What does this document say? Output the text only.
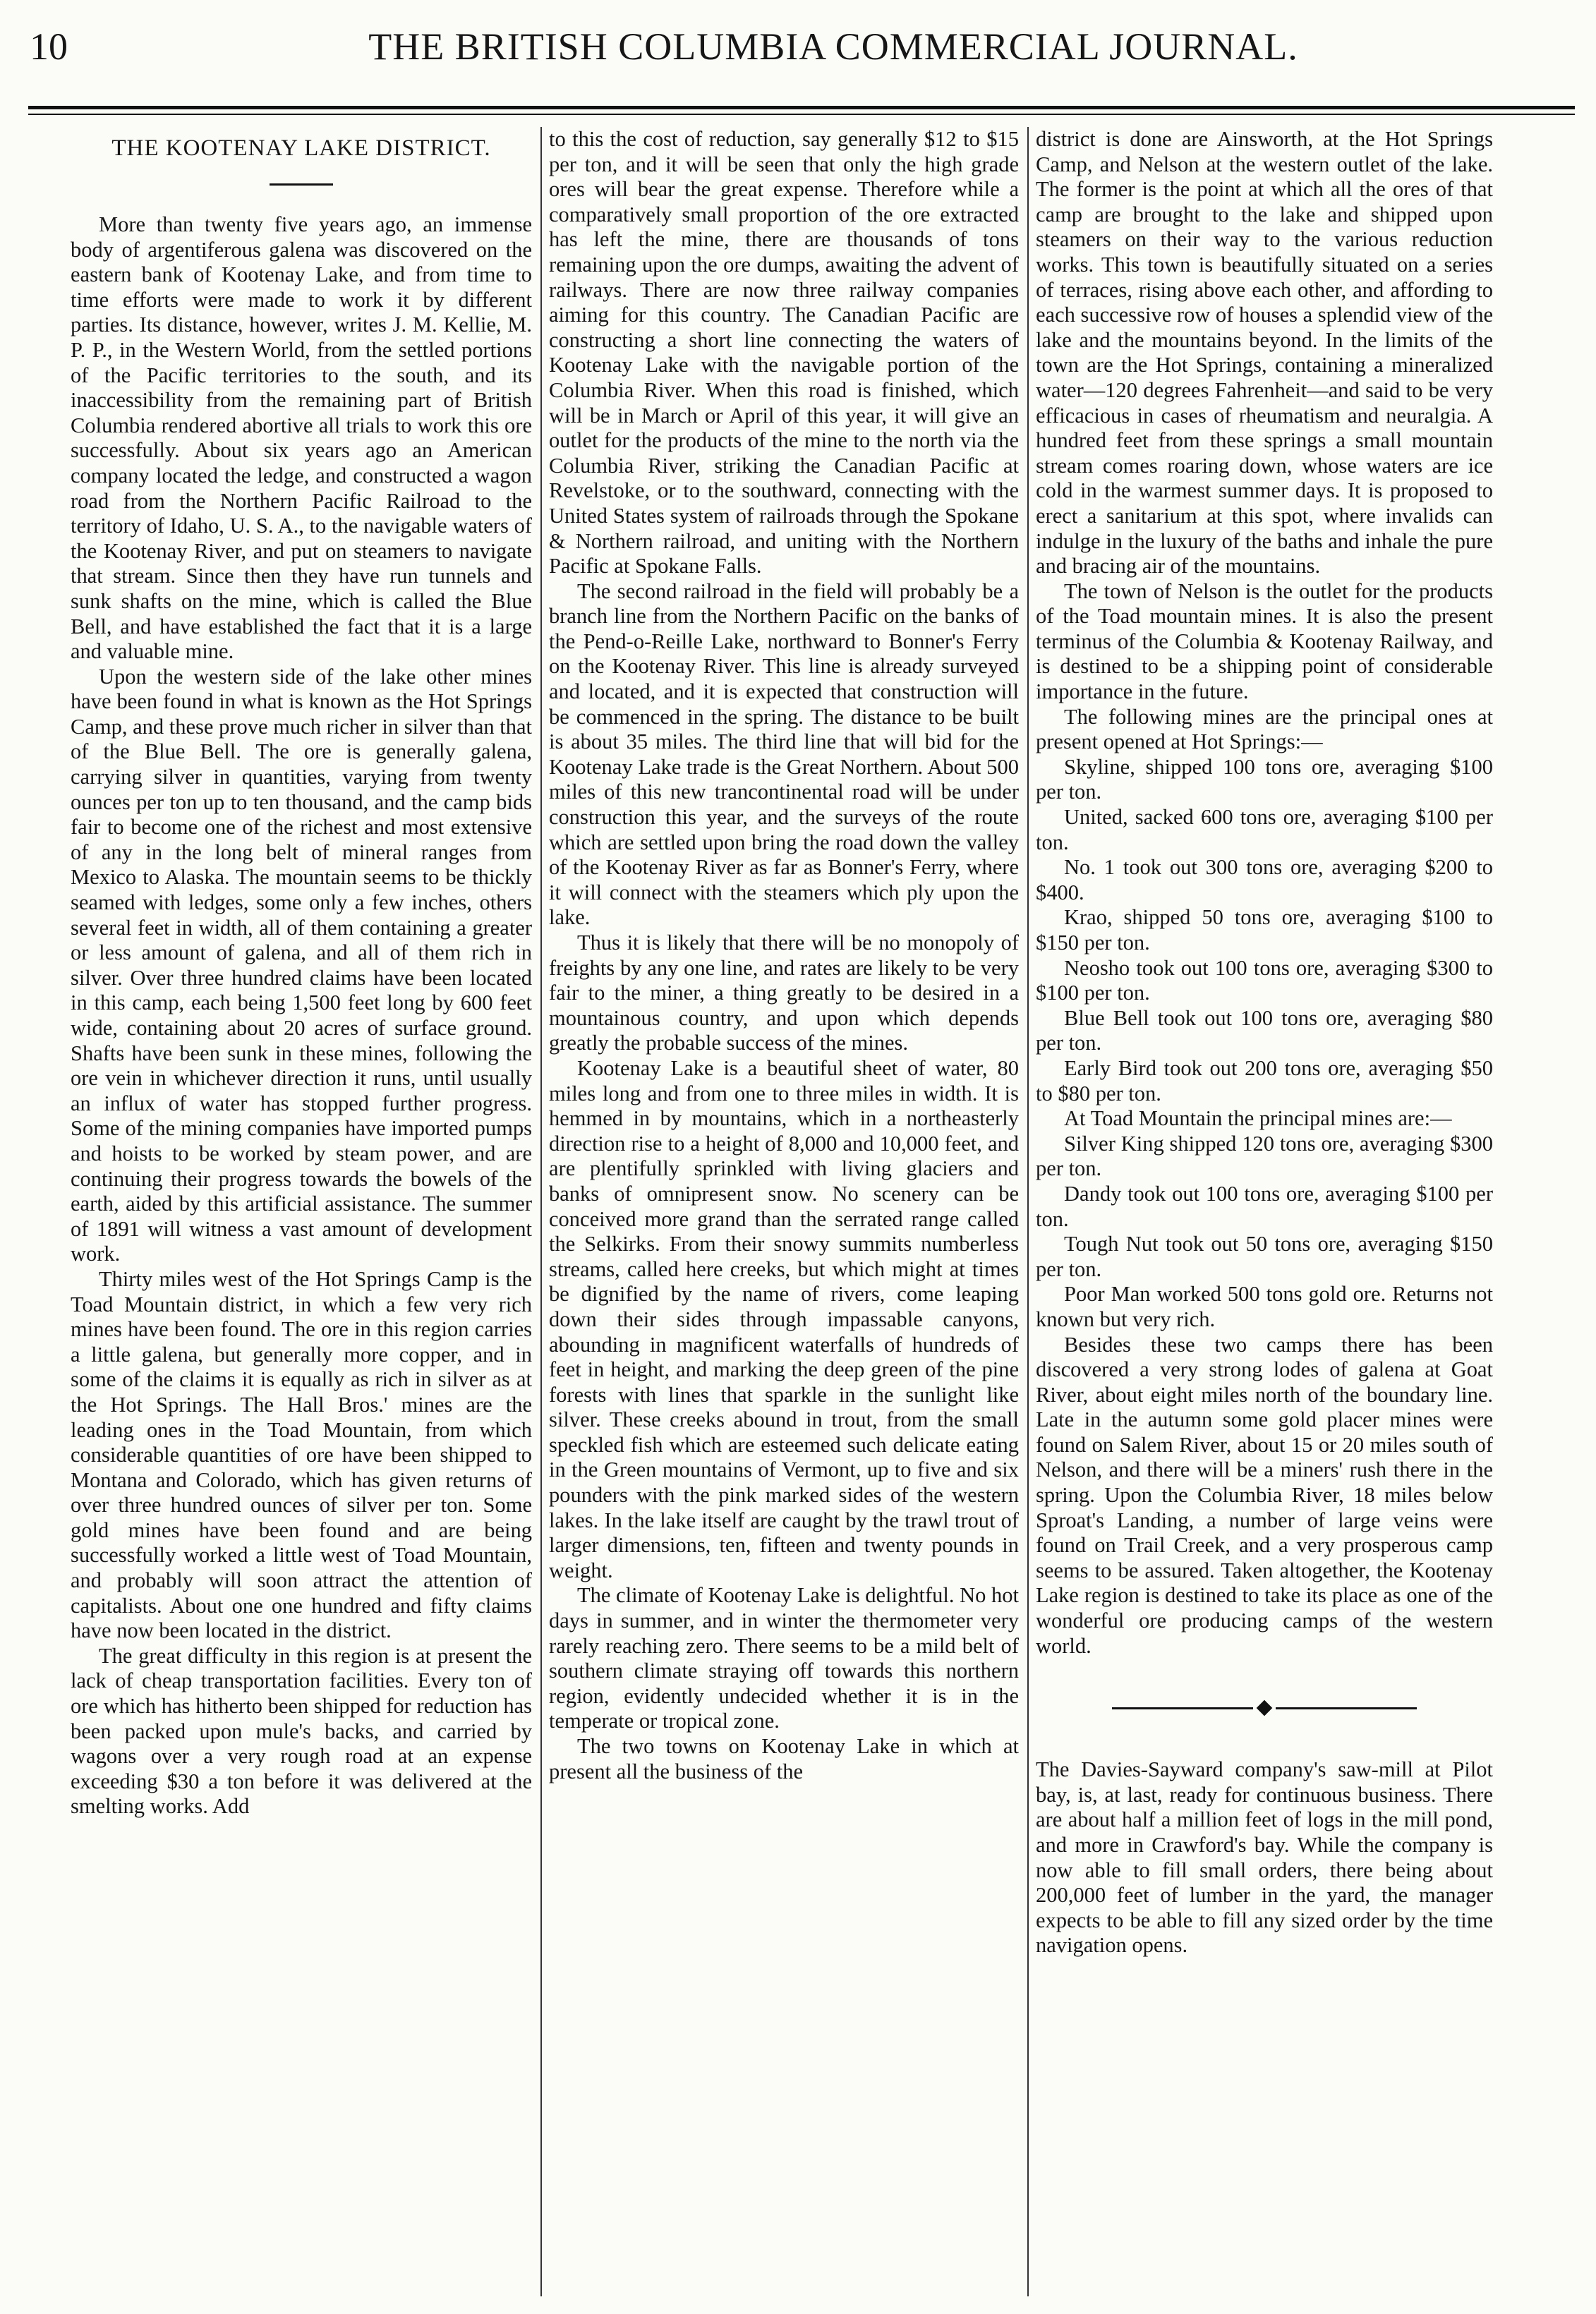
10	THE BRITISH COLUMBIA COMMERCIAL JOURNAL.
THE KOOTENAY LAKE DISTRICT.

More than twenty five years ago, an immense body of argentiferous galena was discovered on the eastern bank of Kootenay Lake, and from time to time efforts were made to work it by different parties. Its distance, however, writes J. M. Kellie, M. P. P., in the Western World, from the settled portions of the Pacific territories to the south, and its inaccessibility from the remaining part of British Columbia rendered abortive all trials to work this ore successfully. About six years ago an American company located the ledge, and constructed a wagon road from the Northern Pacific Railroad to the territory of Idaho, U. S. A., to the navigable waters of the Kootenay River, and put on steamers to navigate that stream. Since then they have run tunnels and sunk shafts on the mine, which is called the Blue Bell, and have established the fact that it is a large and valuable mine.

Upon the western side of the lake other mines have been found in what is known as the Hot Springs Camp, and these prove much richer in silver than that of the Blue Bell. The ore is generally galena, carrying silver in quantities, varying from twenty ounces per ton up to ten thousand, and the camp bids fair to become one of the richest and most extensive of any in the long belt of mineral ranges from Mexico to Alaska. The mountain seems to be thickly seamed with ledges, some only a few inches, others several feet in width, all of them containing a greater or less amount of galena, and all of them rich in silver. Over three hundred claims have been located in this camp, each being 1,500 feet long by 600 feet wide, containing about 20 acres of surface ground. Shafts have been sunk in these mines, following the ore vein in whichever direction it runs, until usually an influx of water has stopped further progress. Some of the mining companies have imported pumps and hoists to be worked by steam power, and are continuing their progress towards the bowels of the earth, aided by this artificial assistance. The summer of 1891 will witness a vast amount of development work.

Thirty miles west of the Hot Springs Camp is the Toad Mountain district, in which a few very rich mines have been found. The ore in this region carries a little galena, but generally more copper, and in some of the claims it is equally as rich in silver as at the Hot Springs. The Hall Bros.' mines are the leading ones in the Toad Mountain, from which considerable quantities of ore have been shipped to Montana and Colorado, which has given returns of over three hundred ounces of silver per ton. Some gold mines have been found and are being successfully worked a little west of Toad Mountain, and probably will soon attract the attention of capitalists. About one one hundred and fifty claims have now been located in the district.

The great difficulty in this region is at present the lack of cheap transportation facilities. Every ton of ore which has hitherto been shipped for reduction has been packed upon mule's backs, and carried by wagons over a very rough road at an expense exceeding $30 a ton before it was delivered at the smelting works. Add

to this the cost of reduction, say generally $12 to $15 per ton, and it will be seen that only the high grade ores will bear the great expense. Therefore while a comparatively small proportion of the ore extracted has left the mine, there are thousands of tons remaining upon the ore dumps, awaiting the advent of railways. There are now three railway companies aiming for this country. The Canadian Pacific are constructing a short line connecting the waters of Kootenay Lake with the navigable portion of the Columbia River. When this road is finished, which will be in March or April of this year, it will give an outlet for the products of the mine to the north via the Columbia River, striking the Canadian Pacific at Revelstoke, or to the southward, connecting with the United States system of railroads through the Spokane & Northern railroad, and uniting with the Northern Pacific at Spokane Falls.

The second railroad in the field will probably be a branch line from the Northern Pacific on the banks of the Pend-o-Reille Lake, northward to Bonner's Ferry on the Kootenay River. This line is already surveyed and located, and it is expected that construction will be commenced in the spring. The distance to be built is about 35 miles. The third line that will bid for the Kootenay Lake trade is the Great Northern. About 500 miles of this new trancontinental road will be under construction this year, and the surveys of the route which are settled upon bring the road down the valley of the Kootenay River as far as Bonner's Ferry, where it will connect with the steamers which ply upon the lake.

Thus it is likely that there will be no monopoly of freights by any one line, and rates are likely to be very fair to the miner, a thing greatly to be desired in a mountainous country, and upon which depends greatly the probable success of the mines.

Kootenay Lake is a beautiful sheet of water, 80 miles long and from one to three miles in width. It is hemmed in by mountains, which in a northeasterly direction rise to a height of 8,000 and 10,000 feet, and are plentifully sprinkled with living glaciers and banks of omnipresent snow. No scenery can be conceived more grand than the serrated range called the Selkirks. From their snowy summits numberless streams, called here creeks, but which might at times be dignified by the name of rivers, come leaping down their sides through impassable canyons, abounding in magnificent waterfalls of hundreds of feet in height, and marking the deep green of the pine forests with lines that sparkle in the sunlight like silver. These creeks abound in trout, from the small speckled fish which are esteemed such delicate eating in the Green mountains of Vermont, up to five and six pounders with the pink marked sides of the western lakes. In the lake itself are caught by the trawl trout of larger dimensions, ten, fifteen and twenty pounds in weight.

The climate of Kootenay Lake is delightful. No hot days in summer, and in winter the thermometer very rarely reaching zero. There seems to be a mild belt of southern climate straying off towards this northern region, evidently undecided whether it is in the temperate or tropical zone.

The two towns on Kootenay Lake in which at present all the business of the

district is done are Ainsworth, at the Hot Springs Camp, and Nelson at the western outlet of the lake. The former is the point at which all the ores of that camp are brought to the lake and shipped upon steamers on their way to the various reduction works. This town is beautifully situated on a series of terraces, rising above each other, and affording to each successive row of houses a splendid view of the lake and the mountains beyond. In the limits of the town are the Hot Springs, containing a mineralized water—120 degrees Fahrenheit—and said to be very efficacious in cases of rheumatism and neuralgia. A hundred feet from these springs a small mountain stream comes roaring down, whose waters are ice cold in the warmest summer days. It is proposed to erect a sanitarium at this spot, where invalids can indulge in the luxury of the baths and inhale the pure and bracing air of the mountains.

The town of Nelson is the outlet for the products of the Toad mountain mines. It is also the present terminus of the Columbia & Kootenay Railway, and is destined to be a shipping point of considerable importance in the future.

The following mines are the principal ones at present opened at Hot Springs:—

Skyline, shipped 100 tons ore, averaging $100 per ton.

United, sacked 600 tons ore, averaging $100 per ton.

No. 1 took out 300 tons ore, averaging $200 to $400.

Krao, shipped 50 tons ore, averaging $100 to $150 per ton.

Neosho took out 100 tons ore, averaging $300 to $100 per ton.

Blue Bell took out 100 tons ore, averaging $80 per ton.

Early Bird took out 200 tons ore, averaging $50 to $80 per ton.

At Toad Mountain the principal mines are:—

Silver King shipped 120 tons ore, averaging $300 per ton.

Dandy took out 100 tons ore, averaging $100 per ton.

Tough Nut took out 50 tons ore, averaging $150 per ton.

Poor Man worked 500 tons gold ore. Returns not known but very rich.

Besides these two camps there has been discovered a very strong lodes of galena at Goat River, about eight miles north of the boundary line. Late in the autumn some gold placer mines were found on Salem River, about 15 or 20 miles south of Nelson, and there will be a miners' rush there in the spring. Upon the Columbia River, 18 miles below Sproat's Landing, a number of large veins were found on Trail Creek, and a very prosperous camp seems to be assured. Taken altogether, the Kootenay Lake region is destined to take its place as one of the wonderful ore producing camps of the western world.

The Davies-Sayward company's saw-mill at Pilot bay, is, at last, ready for continuous business. There are about half a million feet of logs in the mill pond, and more in Crawford's bay. While the company is now able to fill small orders, there being about 200,000 feet of lumber in the yard, the manager expects to be able to fill any sized order by the time navigation opens.
